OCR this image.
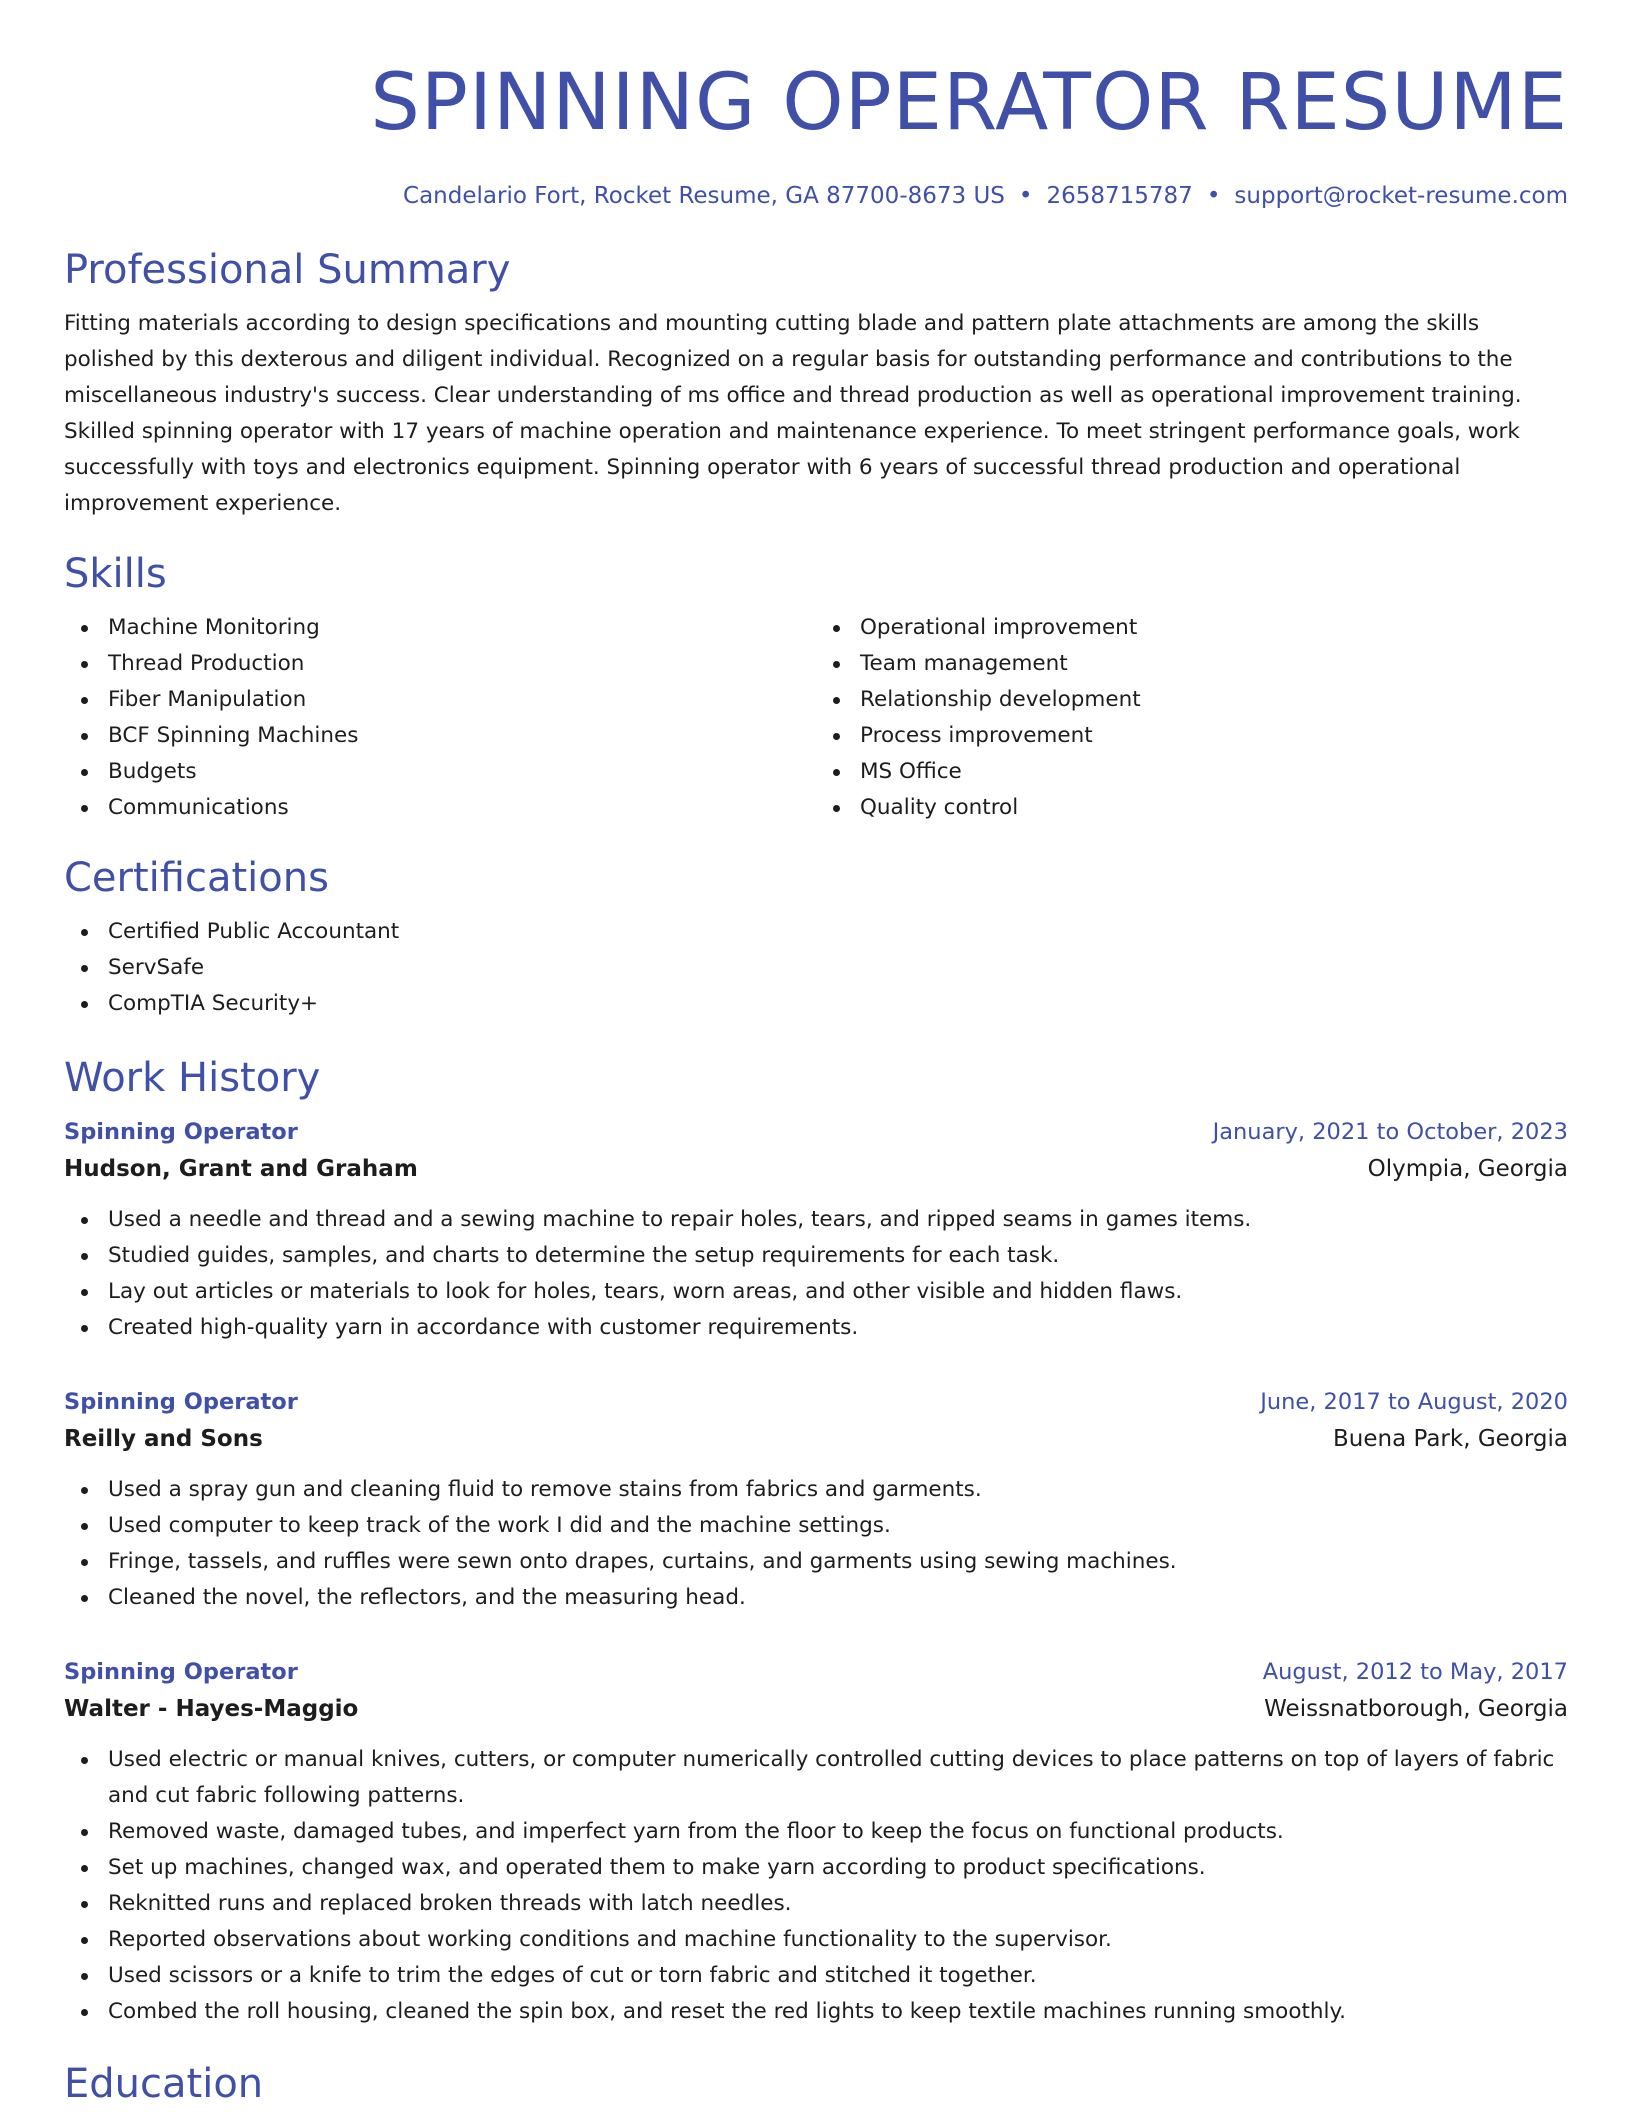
SPINNING OPERATOR RESUME
Candelario Fort, Rocket Resume, GA 87700-8673 US • 2658715787 • support@rocket-resume.com
Professional Summary

Fitting materials according to design specifications and mounting cutting blade and pattern plate attachments are among the skills polished by this dexterous and diligent individual. Recognized on a regular basis for outstanding performance and contributions to the miscellaneous industry's success. Clear understanding of ms office and thread production as well as operational improvement training. Skilled spinning operator with 17 years of machine operation and maintenance experience. To meet stringent performance goals, work successfully with toys and electronics equipment. Spinning operator with 6 years of successful thread production and operational improvement experience.

Skills
Machine Monitoring
Thread Production
Fiber Manipulation
BCF Spinning Machines
Budgets
Communications
Operational improvement
Team management
Relationship development
Process improvement
MS Office
Quality control
Certifications
Certified Public Accountant
ServSafe
CompTIA Security+
Work History
Spinning Operator	January, 2021 to October, 2023
Hudson, Grant and Graham	Olympia, Georgia
Used a needle and thread and a sewing machine to repair holes, tears, and ripped seams in games items.
Studied guides, samples, and charts to determine the setup requirements for each task.
Lay out articles or materials to look for holes, tears, worn areas, and other visible and hidden flaws.
Created high-quality yarn in accordance with customer requirements.
Spinning Operator	June, 2017 to August, 2020
Reilly and Sons	Buena Park, Georgia
Used a spray gun and cleaning fluid to remove stains from fabrics and garments.
Used computer to keep track of the work I did and the machine settings.
Fringe, tassels, and ruffles were sewn onto drapes, curtains, and garments using sewing machines.
Cleaned the novel, the reflectors, and the measuring head.
Spinning Operator	August, 2012 to May, 2017
Walter - Hayes-Maggio	Weissnatborough, Georgia
Used electric or manual knives, cutters, or computer numerically controlled cutting devices to place patterns on top of layers of fabric and cut fabric following patterns.
Removed waste, damaged tubes, and imperfect yarn from the floor to keep the focus on functional products.
Set up machines, changed wax, and operated them to make yarn according to product specifications.
Reknitted runs and replaced broken threads with latch needles.
Reported observations about working conditions and machine functionality to the supervisor.
Used scissors or a knife to trim the edges of cut or torn fabric and stitched it together.
Combed the roll housing, cleaned the spin box, and reset the red lights to keep textile machines running smoothly.
Education
